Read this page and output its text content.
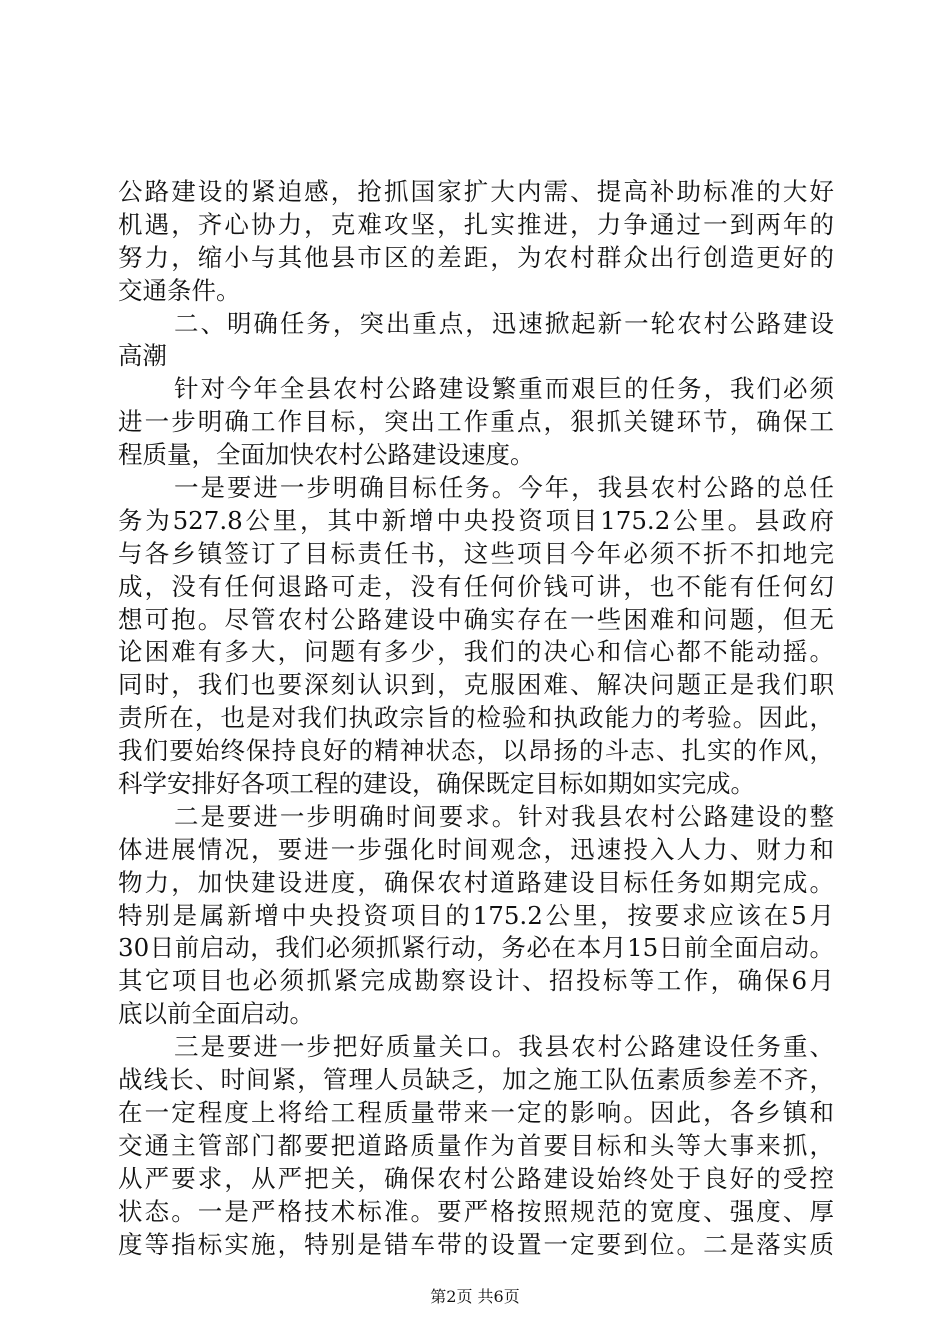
公路建设的紧迫感，抢抓国家扩大内需、提高补助标准的大好
机遇，齐心协力，克难攻坚，扎实推进，力争通过一到两年的
努力，缩小与其他县市区的差距，为农村群众出行创造更好的
交通条件。
二、明确任务，突出重点，迅速掀起新一轮农村公路建设
高潮
针对今年全县农村公路建设繁重而艰巨的任务，我们必须
进一步明确工作目标，突出工作重点，狠抓关键环节，确保工
程质量，全面加快农村公路建设速度。
一是要进一步明确目标任务。今年，我县农村公路的总任
务为527.8公里，其中新增中央投资项目175.2公里。县政府
与各乡镇签订了目标责任书，这些项目今年必须不折不扣地完
成，没有任何退路可走，没有任何价钱可讲，也不能有任何幻
想可抱。尽管农村公路建设中确实存在一些困难和问题，但无
论困难有多大，问题有多少，我们的决心和信心都不能动摇。
同时，我们也要深刻认识到，克服困难、解决问题正是我们职
责所在，也是对我们执政宗旨的检验和执政能力的考验。因此，
我们要始终保持良好的精神状态，以昂扬的斗志、扎实的作风，
科学安排好各项工程的建设，确保既定目标如期如实完成。
二是要进一步明确时间要求。针对我县农村公路建设的整
体进展情况，要进一步强化时间观念，迅速投入人力、财力和
物力，加快建设进度，确保农村道路建设目标任务如期完成。
特别是属新增中央投资项目的175.2公里，按要求应该在5月
30日前启动，我们必须抓紧行动，务必在本月15日前全面启动。
其它项目也必须抓紧完成勘察设计、招投标等工作，确保6月
底以前全面启动。
三是要进一步把好质量关口。我县农村公路建设任务重、
战线长、时间紧，管理人员缺乏，加之施工队伍素质参差不齐，
在一定程度上将给工程质量带来一定的影响。因此，各乡镇和
交通主管部门都要把道路质量作为首要目标和头等大事来抓，
从严要求，从严把关，确保农村公路建设始终处于良好的受控
状态。一是严格技术标准。要严格按照规范的宽度、强度、厚
度等指标实施，特别是错车带的设置一定要到位。二是落实质
第2页 共6页
